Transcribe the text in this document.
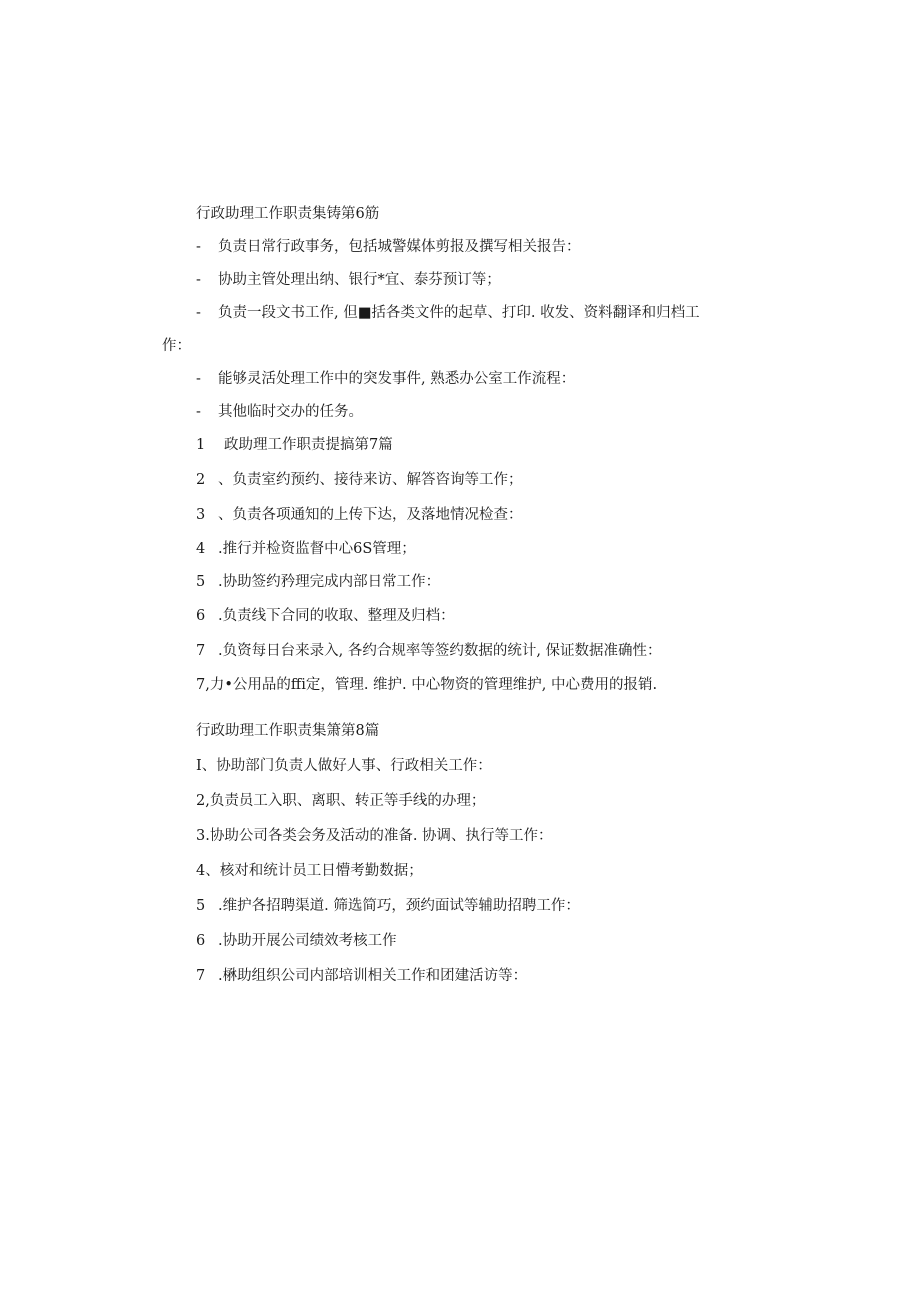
行政助理工作职责集铸第6筋
- 负责日常行政事务，包括城警媒体剪报及撰写相关报告：
- 协助主管处理出纳、银行*宜、泰芬预订等；
- 负责一段文书工作, 但■括各类文件的起草、打印. 收发、资料翻译和归档工
作：
- 能够灵活处理工作中的突发事件, 熟悉办公室工作流程：
- 其他临时交办的任务。
1 政助理工作职责提搞第7篇
2 、负责室约预约、接待来访、解答咨询等工作；
3 、负责各项通知的上传下达，及落地情况检查：
4 .推行并检资监督中心6S管理；
5 .协助签约矜理完成内部日常工作：
6 .负责线下合同的收取、整理及归档：
7 .负资每日台来录入, 各约合规率等签约数据的统计, 保证数据准确性：
7,力•公用品的ffi定，管理. 维护. 中心物资的管理维护, 中心费用的报销.
行政助理工作职责集箫第8篇
I、协助部门负责人做好人事、行政相关工作：
2,负责员工入职、离职、转正等手线的办理；
3.协助公司各类会务及活动的准备. 协调、执行等工作：
4、核对和统计员工日懵考勤数据；
5 .维护各招聘渠道. 筛选简巧，颈约面试等辅助招聘工作：
6 .协助开展公司绩效考核工作
7 .楙助组织公司内部培训相关工作和团建活访等：
